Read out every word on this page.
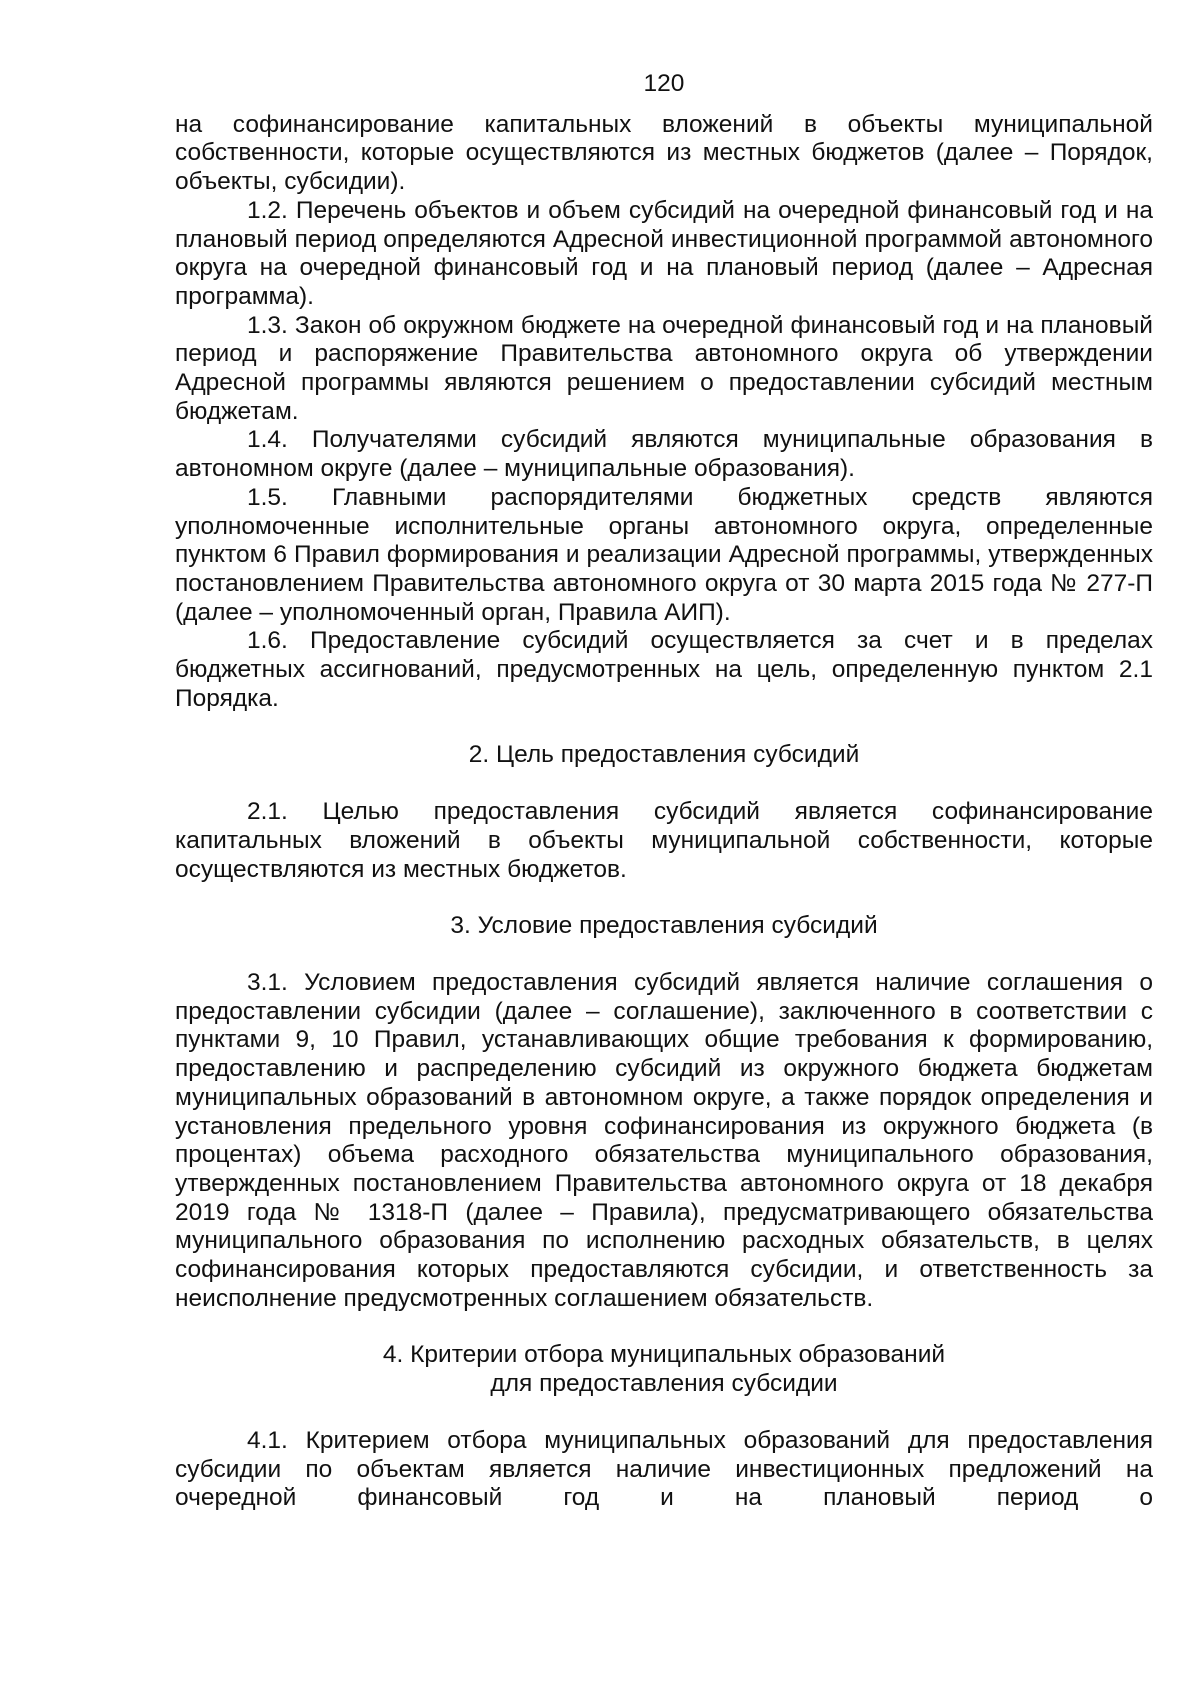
120

на софинансирование капитальных вложений в объекты муниципальной собственности, которые осуществляются из местных бюджетов (далее – Порядок, объекты, субсидии).

1.2. Перечень объектов и объем субсидий на очередной финансовый год и на плановый период определяются Адресной инвестиционной программой автономного округа на очередной финансовый год и на плановый период (далее – Адресная программа).

1.3. Закон об окружном бюджете на очередной финансовый год и на плановый период и распоряжение Правительства автономного округа об утверждении Адресной программы являются решением о предоставлении субсидий местным бюджетам.

1.4. Получателями субсидий являются муниципальные образования в автономном округе (далее – муниципальные образования).

1.5. Главными распорядителями бюджетных средств являются уполномоченные исполнительные органы автономного округа, определенные пунктом 6 Правил формирования и реализации Адресной программы, утвержденных постановлением Правительства автономного округа от 30 марта 2015 года № 277-П (далее – уполномоченный орган, Правила АИП).

1.6. Предоставление субсидий осуществляется за счет и в пределах бюджетных ассигнований, предусмотренных на цель, определенную пунктом 2.1 Порядка.

2. Цель предоставления субсидий

2.1. Целью предоставления субсидий является софинансирование капитальных вложений в объекты муниципальной собственности, которые осуществляются из местных бюджетов.

3. Условие предоставления субсидий

3.1. Условием предоставления субсидий является наличие соглашения о предоставлении субсидии (далее – соглашение), заключенного в соответствии с пунктами 9, 10 Правил, устанавливающих общие требования к формированию, предоставлению и распределению субсидий из окружного бюджета бюджетам муниципальных образований в автономном округе, а также порядок определения и установления предельного уровня софинансирования из окружного бюджета (в процентах) объема расходного обязательства муниципального образования, утвержденных постановлением Правительства автономного округа от 18 декабря 2019 года № 1318-П (далее – Правила), предусматривающего обязательства муниципального образования по исполнению расходных обязательств, в целях софинансирования которых предоставляются субсидии, и ответственность за неисполнение предусмотренных соглашением обязательств.

4. Критерии отбора муниципальных образований
для предоставления субсидии

4.1. Критерием отбора муниципальных образований для предоставления субсидии по объектам является наличие инвестиционных предложений на очередной финансовый год и на плановый период о
